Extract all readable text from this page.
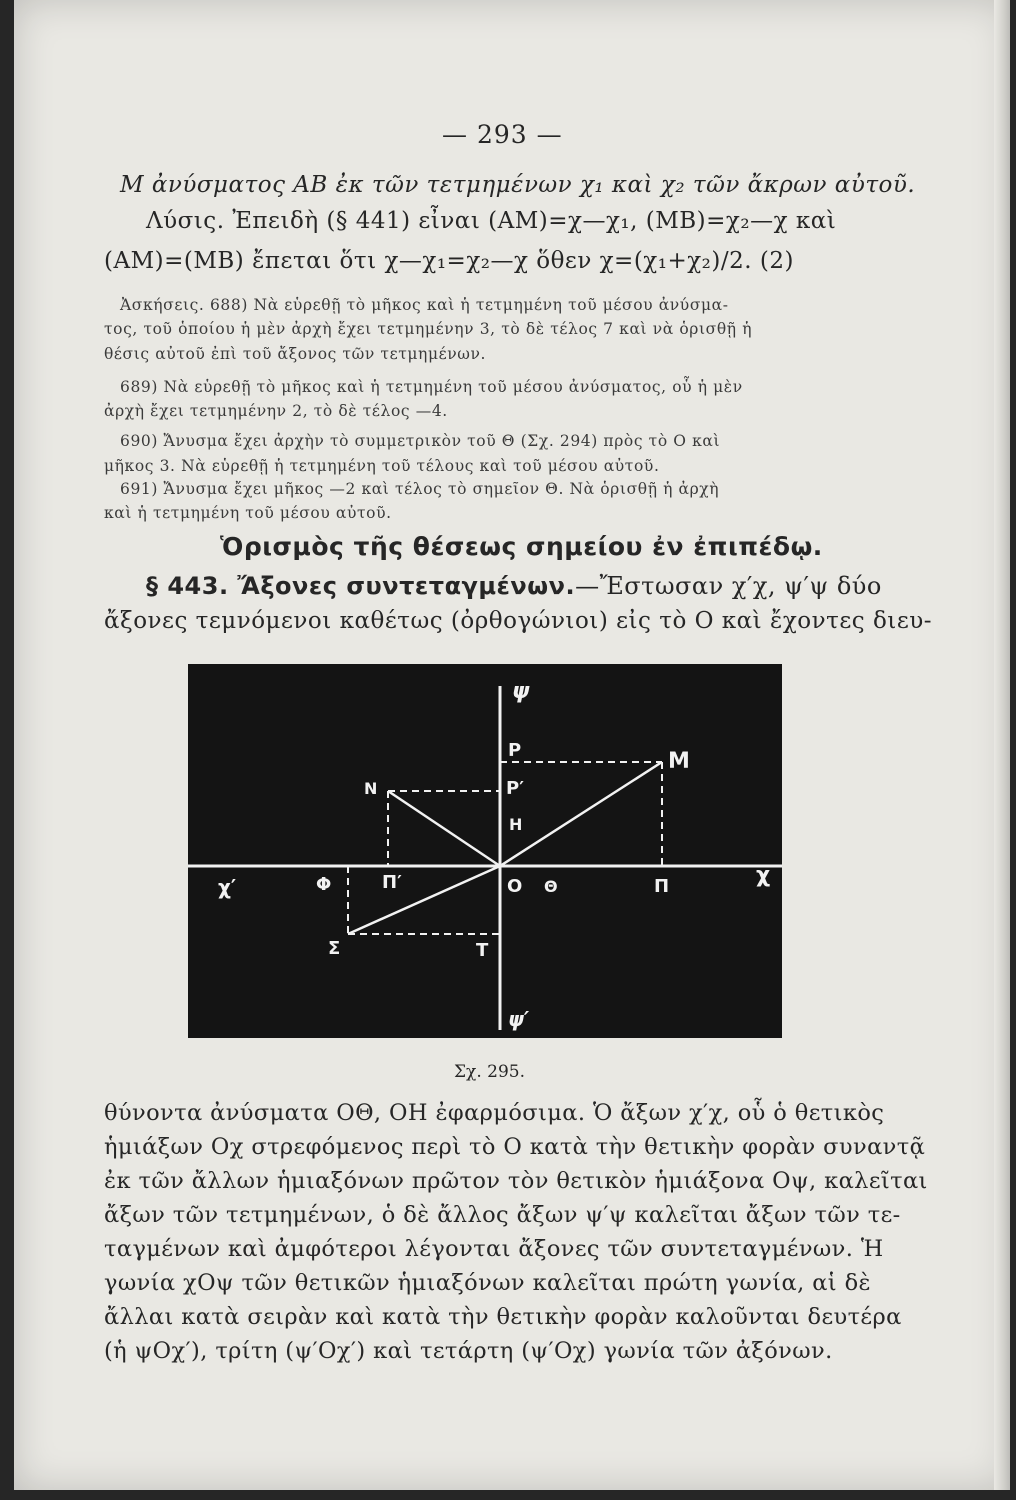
— 293 —
Μ ἀνύσματος ΑΒ ἐκ τῶν τετμημένων χ₁ καὶ χ₂ τῶν ἄκρων αὐτοῦ.
Λύσις. Ἐπειδὴ (§ 441) εἶναι (ΑΜ)=χ—χ₁, (ΜΒ)=χ₂—χ καὶ
(ΑΜ)=(ΜΒ) ἔπεται ὅτι χ—χ₁=χ₂—χ ὅθεν χ=(χ₁+χ₂)/2. (2)
Ἀσκήσεις. 688) Νὰ εὑρεθῇ τὸ μῆκος καὶ ἡ τετμημένη τοῦ μέσου ἀνύσμα-
τος, τοῦ ὁποίου ἡ μὲν ἀρχὴ ἔχει τετμημένην 3, τὸ δὲ τέλος 7 καὶ νὰ ὁρισθῇ ἡ
θέσις αὐτοῦ ἐπὶ τοῦ ἄξονος τῶν τετμημένων.
689) Νὰ εὑρεθῇ τὸ μῆκος καὶ ἡ τετμημένη τοῦ μέσου ἀνύσματος, οὗ ἡ μὲν
ἀρχὴ ἔχει τετμημένην 2, τὸ δὲ τέλος —4.
690) Ἄνυσμα ἔχει ἀρχὴν τὸ συμμετρικὸν τοῦ Θ (Σχ. 294) πρὸς τὸ Ο καὶ
μῆκος 3. Νὰ εὑρεθῇ ἡ τετμημένη τοῦ τέλους καὶ τοῦ μέσου αὐτοῦ.
691) Ἄνυσμα ἔχει μῆκος —2 καὶ τέλος τὸ σημεῖον Θ. Νὰ ὁρισθῇ ἡ ἀρχὴ
καὶ ἡ τετμημένη τοῦ μέσου αὐτοῦ.
Ὁρισμὸς τῆς θέσεως σημείου ἐν ἐπιπέδῳ.
§ 443. Ἄξονες συντεταγμένων.—Ἔστωσαν χ′χ, ψ′ψ δύο
ἄξονες τεμνόμενοι καθέτως (ὀρθογώνιοι) εἰς τὸ Ο καὶ ἔχοντες διευ-
ψ
Ρ	Μ
Ν	Ρ′
Η
χ′	Φ	Π′	Ο Θ	Π	χ
Σ	Τ
ψ′
Σχ. 295.
θύνοντα ἀνύσματα ΟΘ, ΟΗ ἐφαρμόσιμα. Ὁ ἄξων χ′χ, οὗ ὁ θετικὸς
ἡμιάξων Οχ στρεφόμενος περὶ τὸ Ο κατὰ τὴν θετικὴν φορὰν συναντᾷ
ἐκ τῶν ἄλλων ἡμιαξόνων πρῶτον τὸν θετικὸν ἡμιάξονα Οψ, καλεῖται
ἄξων τῶν τετμημένων, ὁ δὲ ἄλλος ἄξων ψ′ψ καλεῖται ἄξων τῶν τε-
ταγμένων καὶ ἀμφότεροι λέγονται ἄξονες τῶν συντεταγμένων. Ἡ
γωνία χΟψ τῶν θετικῶν ἡμιαξόνων καλεῖται πρώτη γωνία, αἱ δὲ
ἄλλαι κατὰ σειρὰν καὶ κατὰ τὴν θετικὴν φορὰν καλοῦνται δευτέρα
(ἡ ψΟχ′), τρίτη (ψ′Οχ′) καὶ τετάρτη (ψ′Οχ) γωνία τῶν ἀξόνων.
